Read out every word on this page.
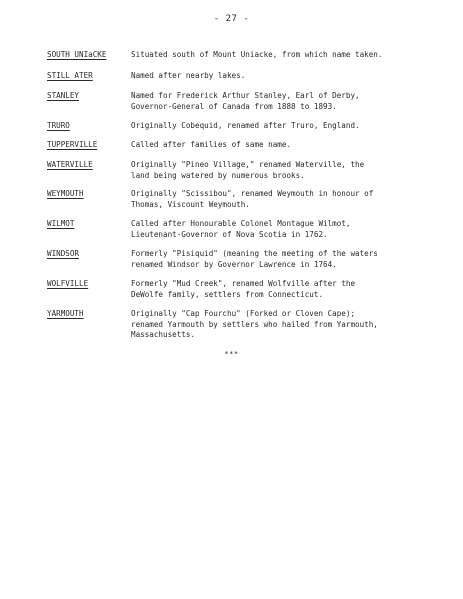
- 27 -
SOUTH UNIaCKE	Situated south of Mount Uniacke, from which name taken.
STILL ATER	Named after nearby lakes.
STANLEY	Named for Frederick Arthur Stanley, Earl of Derby,
Governor-General of Canada from 1888 to 1893.
TRURO	Originally Cobequid, renamed after Truro, England.
TUPPERVILLE	Called after families of same name.
WATERVILLE	Originally "Pineo Village," renamed Waterville, the
land being watered by numerous brooks.
WEYMOUTH	Originally "Scissibou", renamed Weymouth in honour of
Thomas, Viscount Weymouth.
WILMOT	Called after Honourable Colonel Montague Wilmot,
Lieutenant-Governor of Nova Scotia in 1762.
WINDSOR	Formerly "Pisiquid" (meaning the meeting of the waters
renamed Windsor by Governor Lawrence in 1764.
WOLFVILLE	Formerly "Mud Creek", renamed Wolfville after the
DeWolfe family, settlers from Connecticut.
YARMOUTH	Originally "Cap Fourchu" (Forked or Cloven Cape);
renamed Yarmouth by settlers who hailed from Yarmouth,
Massachusetts.
***
